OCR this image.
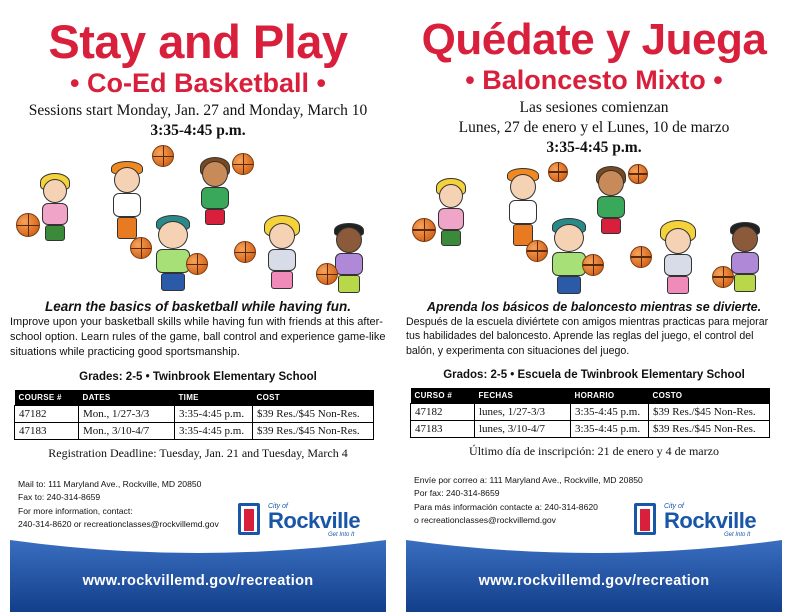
Stay and Play
• Co-Ed Basketball •
Sessions start Monday, Jan. 27 and Monday, March 10
3:35-4:45 p.m.
Learn the basics of basketball while having fun.
Improve upon your basketball skills while having fun with friends at this after-school option. Learn rules of the game, ball control and experience game-like situations while practicing good sportsmanship.
Grades: 2-5 • Twinbrook Elementary School
COURSE #	DATES	TIME	COST
47182	Mon., 1/27-3/3	3:35-4:45 p.m.	$39 Res./$45 Non-Res.
47183	Mon., 3/10-4/7	3:35-4:45 p.m.	$39 Res./$45 Non-Res.
Registration Deadline: Tuesday, Jan. 21 and Tuesday, March 4
Mail to: 111 Maryland Ave., Rockville, MD 20850
Fax to: 240-314-8659
For more information, contact:
240-314-8620 or recreationclasses@rockvillemd.gov
City of
Rockville
Get Into It
www.rockvillemd.gov/recreation
Quédate y Juega
• Baloncesto Mixto •
Las sesiones comienzan
Lunes, 27 de enero y el Lunes, 10 de marzo
3:35-4:45 p.m.
Aprenda los básicos de baloncesto mientras se divierte.
Después de la escuela diviértete con amigos mientras practicas para mejorar tus habilidades del baloncesto. Aprende las reglas del juego, el control del balón, y experimenta con situaciones del juego.
Grados: 2-5 • Escuela de Twinbrook Elementary School
CURSO #	FECHAS	HORARIO	COSTO
47182	lunes, 1/27-3/3	3:35-4:45 p.m.	$39 Res./$45 Non-Res.
47183	lunes, 3/10-4/7	3:35-4:45 p.m.	$39 Res./$45 Non-Res.
Último día de inscripción: 21 de enero y 4 de marzo
Envíe por correo a: 111 Maryland Ave., Rockville, MD 20850
Por fax: 240-314-8659
Para más información contacte a: 240-314-8620
o recreationclasses@rockvillemd.gov
City of
Rockville
Get Into It
www.rockvillemd.gov/recreation
